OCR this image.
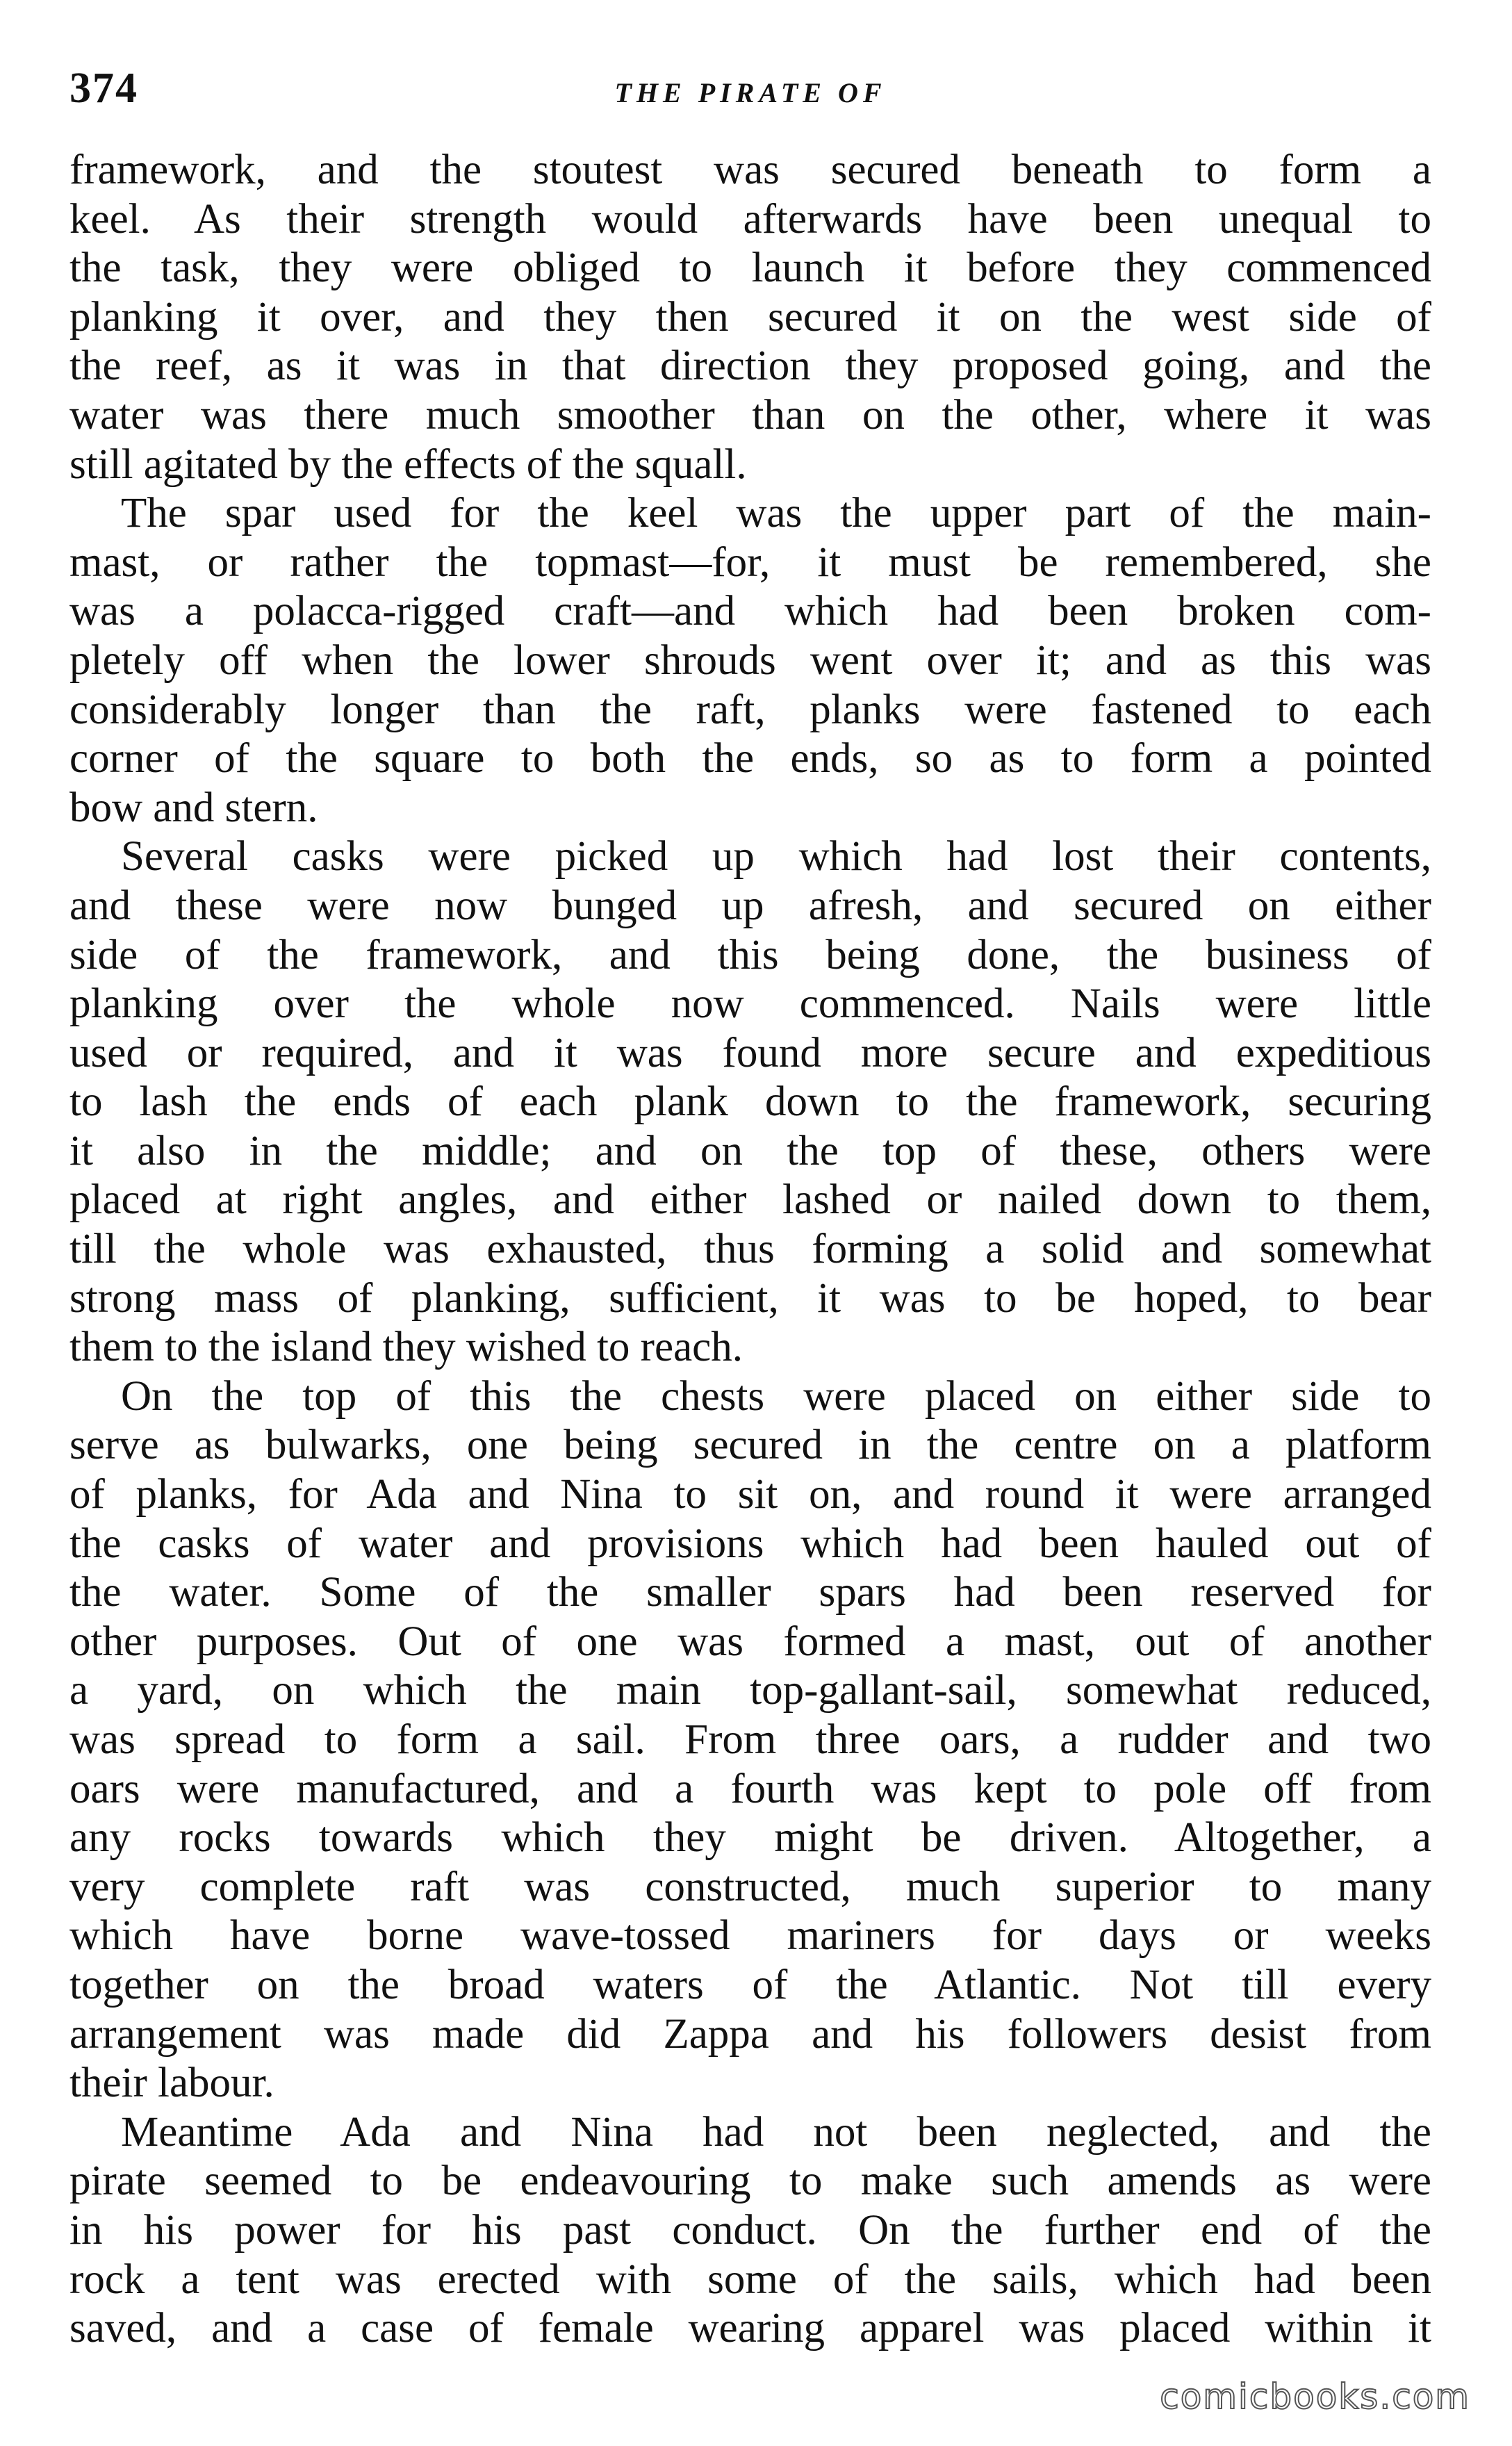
374	THE PIRATE OF
framework, and the stoutest was secured beneath to form a
keel. As their strength would afterwards have been unequal to
the task, they were obliged to launch it before they commenced
planking it over, and they then secured it on the west side of
the reef, as it was in that direction they proposed going, and the
water was there much smoother than on the other, where it was
still agitated by the effects of the squall.
The spar used for the keel was the upper part of the main-
mast, or rather the topmast—for, it must be remembered, she
was a polacca-rigged craft—and which had been broken com-
pletely off when the lower shrouds went over it; and as this was
considerably longer than the raft, planks were fastened to each
corner of the square to both the ends, so as to form a pointed
bow and stern.
Several casks were picked up which had lost their contents,
and these were now bunged up afresh, and secured on either
side of the framework, and this being done, the business of
planking over the whole now commenced. Nails were little
used or required, and it was found more secure and expeditious
to lash the ends of each plank down to the framework, securing
it also in the middle; and on the top of these, others were
placed at right angles, and either lashed or nailed down to them,
till the whole was exhausted, thus forming a solid and somewhat
strong mass of planking, sufficient, it was to be hoped, to bear
them to the island they wished to reach.
On the top of this the chests were placed on either side to
serve as bulwarks, one being secured in the centre on a platform
of planks, for Ada and Nina to sit on, and round it were arranged
the casks of water and provisions which had been hauled out of
the water. Some of the smaller spars had been reserved for
other purposes. Out of one was formed a mast, out of another
a yard, on which the main top-gallant-sail, somewhat reduced,
was spread to form a sail. From three oars, a rudder and two
oars were manufactured, and a fourth was kept to pole off from
any rocks towards which they might be driven. Altogether, a
very complete raft was constructed, much superior to many
which have borne wave-tossed mariners for days or weeks
together on the broad waters of the Atlantic. Not till every
arrangement was made did Zappa and his followers desist from
their labour.
Meantime Ada and Nina had not been neglected, and the
pirate seemed to be endeavouring to make such amends as were
in his power for his past conduct. On the further end of the
rock a tent was erected with some of the sails, which had been
saved, and a case of female wearing apparel was placed within it
comicbooks.com
